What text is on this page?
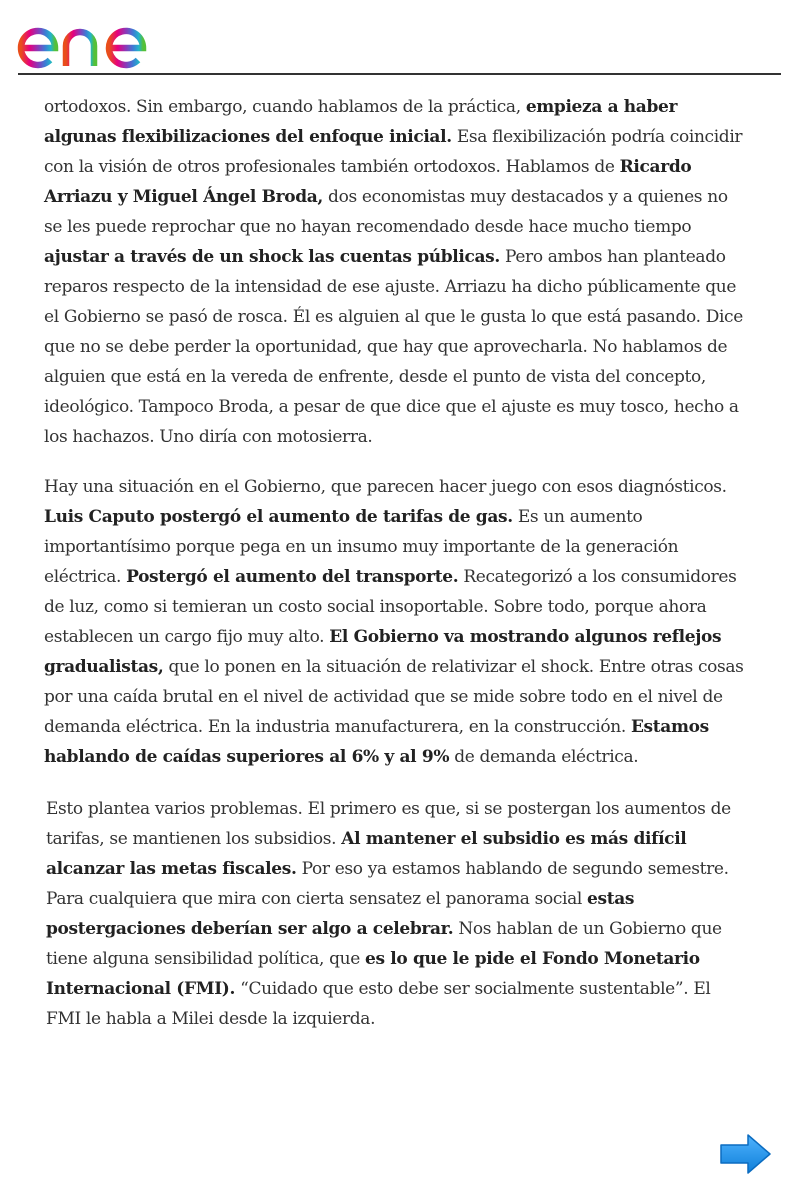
ortodoxos. Sin embargo, cuando hablamos de la práctica, empieza a haber algunas flexibilizaciones del enfoque inicial. Esa flexibilización podría coincidir con la visión de otros profesionales también ortodoxos. Hablamos de Ricardo Arriazu y Miguel Ángel Broda, dos economistas muy destacados y a quienes no se les puede reprochar que no hayan recomendado desde hace mucho tiempo ajustar a través de un shock las cuentas públicas. Pero ambos han planteado reparos respecto de la intensidad de ese ajuste. Arriazu ha dicho públicamente que el Gobierno se pasó de rosca. Él es alguien al que le gusta lo que está pasando. Dice que no se debe perder la oportunidad, que hay que aprovecharla. No hablamos de alguien que está en la vereda de enfrente, desde el punto de vista del concepto, ideológico. Tampoco Broda, a pesar de que dice que el ajuste es muy tosco, hecho a los hachazos. Uno diría con motosierra.

Hay una situación en el Gobierno, que parecen hacer juego con esos diagnósticos. Luis Caputo postergó el aumento de tarifas de gas. Es un aumento importantísimo porque pega en un insumo muy importante de la generación eléctrica. Postergó el aumento del transporte. Recategorizó a los consumidores de luz, como si temieran un costo social insoportable. Sobre todo, porque ahora establecen un cargo fijo muy alto. El Gobierno va mostrando algunos reflejos gradualistas, que lo ponen en la situación de relativizar el shock. Entre otras cosas por una caída brutal en el nivel de actividad que se mide sobre todo en el nivel de demanda eléctrica. En la industria manufacturera, en la construcción. Estamos hablando de caídas superiores al 6% y al 9% de demanda eléctrica.

Esto plantea varios problemas. El primero es que, si se postergan los aumentos de tarifas, se mantienen los subsidios. Al mantener el subsidio es más difícil alcanzar las metas fiscales. Por eso ya estamos hablando de segundo semestre. Para cualquiera que mira con cierta sensatez el panorama social estas postergaciones deberían ser algo a celebrar. Nos hablan de un Gobierno que tiene alguna sensibilidad política, que es lo que le pide el Fondo Monetario Internacional (FMI). “Cuidado que esto debe ser socialmente sustentable”. El FMI le habla a Milei desde la izquierda.
